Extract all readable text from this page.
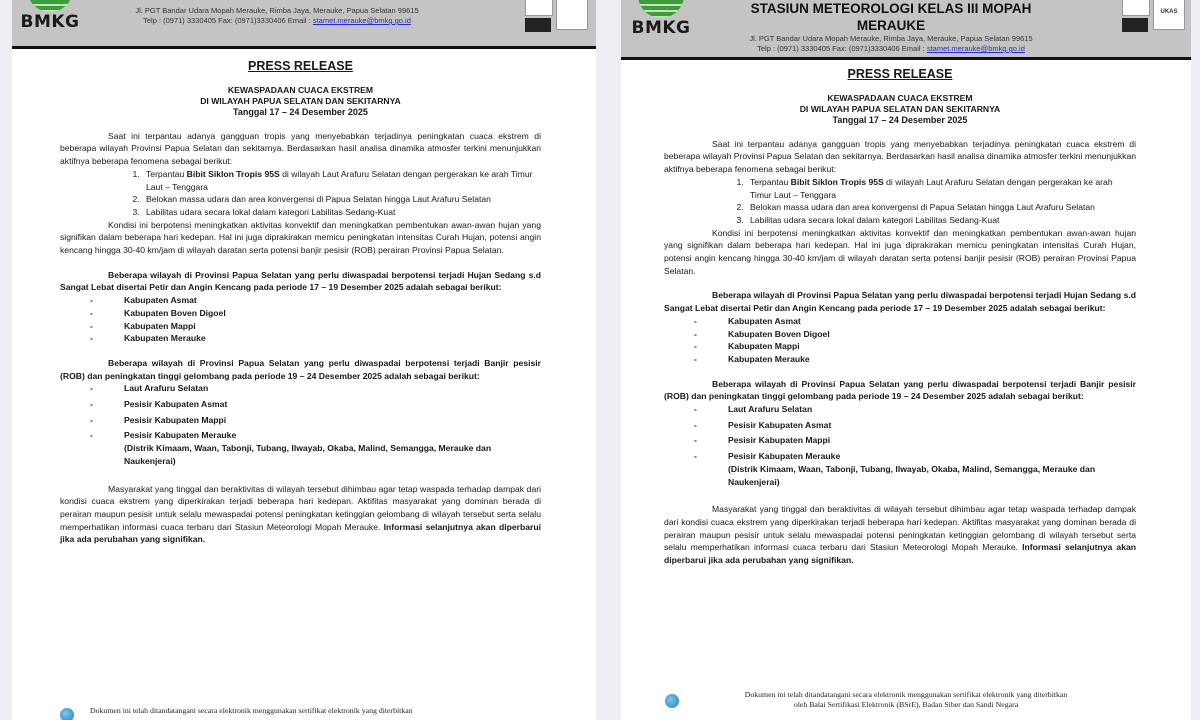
BMKG
Jl. PGT Bandar Udara Mopah Merauke, Rimba Jaya, Merauke, Papua Selatan 99615
Telp : (0971) 3330405 Fax: (0971)3330406 Email : stamet.merauke@bmkg.go.id
PRESS RELEASE
KEWASPADAAN CUACA EKSTREM
DI WILAYAH PAPUA SELATAN DAN SEKITARNYA
Tanggal 17 – 24 Desember 2025

Saat ini terpantau adanya gangguan tropis yang menyebabkan terjadinya peningkatan cuaca ekstrem di beberapa wilayah Provinsi Papua Selatan dan sekitarnya. Berdasarkan hasil analisa dinamika atmosfer terkini menunjukkan aktifnya beberapa fenomena sebagai berikut:

1. Terpantau Bibit Siklon Tropis 95S di wilayah Laut Arafuru Selatan dengan pergerakan ke arah Timur Laut – Tenggara
2. Belokan massa udara dan area konvergensi di Papua Selatan hingga Laut Arafuru Selatan
3. Labilitas udara secara lokal dalam kategori Labilitas Sedang-Kuat

Kondisi ini berpotensi meningkatkan aktivitas konvektif dan meningkatkan pembentukan awan-awan hujan yang signifikan dalam beberapa hari kedepan. Hal ini juga diprakirakan memicu peningkatan intensitas Curah Hujan, potensi angin kencang hingga 30-40 km/jam di wilayah daratan serta potensi banjir pesisir (ROB) perairan Provinsi Papua Selatan.

Beberapa wilayah di Provinsi Papua Selatan yang perlu diwaspadai berpotensi terjadi Hujan Sedang s.d Sangat Lebat disertai Petir dan Angin Kencang pada periode 17 – 19 Desember 2025 adalah sebagai berikut:

- Kabupaten Asmat
- Kabupaten Boven Digoel
- Kabupaten Mappi
- Kabupaten Merauke

Beberapa wilayah di Provinsi Papua Selatan yang perlu diwaspadai berpotensi terjadi Banjir pesisir (ROB) dan peningkatan tinggi gelombang pada periode 19 – 24 Desember 2025 adalah sebagai berikut:

- Laut Arafuru Selatan
- Pesisir Kabupaten Asmat
- Pesisir Kabupaten Mappi
- Pesisir Kabupaten Merauke
(Distrik Kimaam, Waan, Tabonji, Tubang, Ilwayab, Okaba, Malind, Semangga, Merauke dan Naukenjerai)

Masyarakat yang tinggal dan beraktivitas di wilayah tersebut dihimbau agar tetap waspada terhadap dampak dari kondisi cuaca ekstrem yang diperkirakan terjadi beberapa hari kedepan. Aktifitas masyarakat yang dominan berada di perairan maupun pesisir untuk selalu mewaspadai potensi peningkatan ketinggian gelombang di wilayah tersebut serta selalu memperhatikan informasi cuaca terbaru dari Stasiun Meteorologi Mopah Merauke. Informasi selanjutnya akan diperbarui jika ada perubahan yang signifikan.

Dokumen ini telah ditandatangani secara elektronik menggunakan sertifikat elektronik yang diterbitkan
BMKG
STASIUN METEOROLOGI KELAS III MOPAH MERAUKE
Jl. PGT Bandar Udara Mopah Merauke, Rimba Jaya, Merauke, Papua Selatan 99615
Telp : (0971) 3330405 Fax: (0971)3330406 Email : stamet.merauke@bmkg.go.id
UKAS
PRESS RELEASE
KEWASPADAAN CUACA EKSTREM
DI WILAYAH PAPUA SELATAN DAN SEKITARNYA
Tanggal 17 – 24 Desember 2025

Saat ini terpantau adanya gangguan tropis yang menyebabkan terjadinya peningkatan cuaca ekstrem di beberapa wilayah Provinsi Papua Selatan dan sekitarnya. Berdasarkan hasil analisa dinamika atmosfer terkini menunjukkan aktifnya beberapa fenomena sebagai berikut:

1. Terpantau Bibit Siklon Tropis 95S di wilayah Laut Arafuru Selatan dengan pergerakan ke arah Timur Laut – Tenggara
2. Belokan massa udara dan area konvergensi di Papua Selatan hingga Laut Arafuru Selatan
3. Labilitas udara secara lokal dalam kategori Labilitas Sedang-Kuat

Kondisi ini berpotensi meningkatkan aktivitas konvektif dan meningkatkan pembentukan awan-awan hujan yang signifikan dalam beberapa hari kedepan. Hal ini juga diprakirakan memicu peningkatan intensitas Curah Hujan, potensi angin kencang hingga 30-40 km/jam di wilayah daratan serta potensi banjir pesisir (ROB) perairan Provinsi Papua Selatan.

Beberapa wilayah di Provinsi Papua Selatan yang perlu diwaspadai berpotensi terjadi Hujan Sedang s.d Sangat Lebat disertai Petir dan Angin Kencang pada periode 17 – 19 Desember 2025 adalah sebagai berikut:

- Kabupaten Asmat
- Kabupaten Boven Digoel
- Kabupaten Mappi
- Kabupaten Merauke

Beberapa wilayah di Provinsi Papua Selatan yang perlu diwaspadai berpotensi terjadi Banjir pesisir (ROB) dan peningkatan tinggi gelombang pada periode 19 – 24 Desember 2025 adalah sebagai berikut:

- Laut Arafuru Selatan
- Pesisir Kabupaten Asmat
- Pesisir Kabupaten Mappi
- Pesisir Kabupaten Merauke
(Distrik Kimaam, Waan, Tabonji, Tubang, Ilwayab, Okaba, Malind, Semangga, Merauke dan Naukenjerai)

Masyarakat yang tinggal dan beraktivitas di wilayah tersebut dihimbau agar tetap waspada terhadap dampak dari kondisi cuaca ekstrem yang diperkirakan terjadi beberapa hari kedepan. Aktifitas masyarakat yang dominan berada di perairan maupun pesisir untuk selalu mewaspadai potensi peningkatan ketinggian gelombang di wilayah tersebut serta selalu memperhatikan informasi cuaca terbaru dari Stasiun Meteorologi Mopah Merauke. Informasi selanjutnya akan diperbarui jika ada perubahan yang signifikan.

Dokumen ini telah ditandatangani secara elektronik menggunakan sertifikat elektronik yang diterbitkan
oleh Balai Sertifikasi Elektronik (BSrE), Badan Siber dan Sandi Negara
